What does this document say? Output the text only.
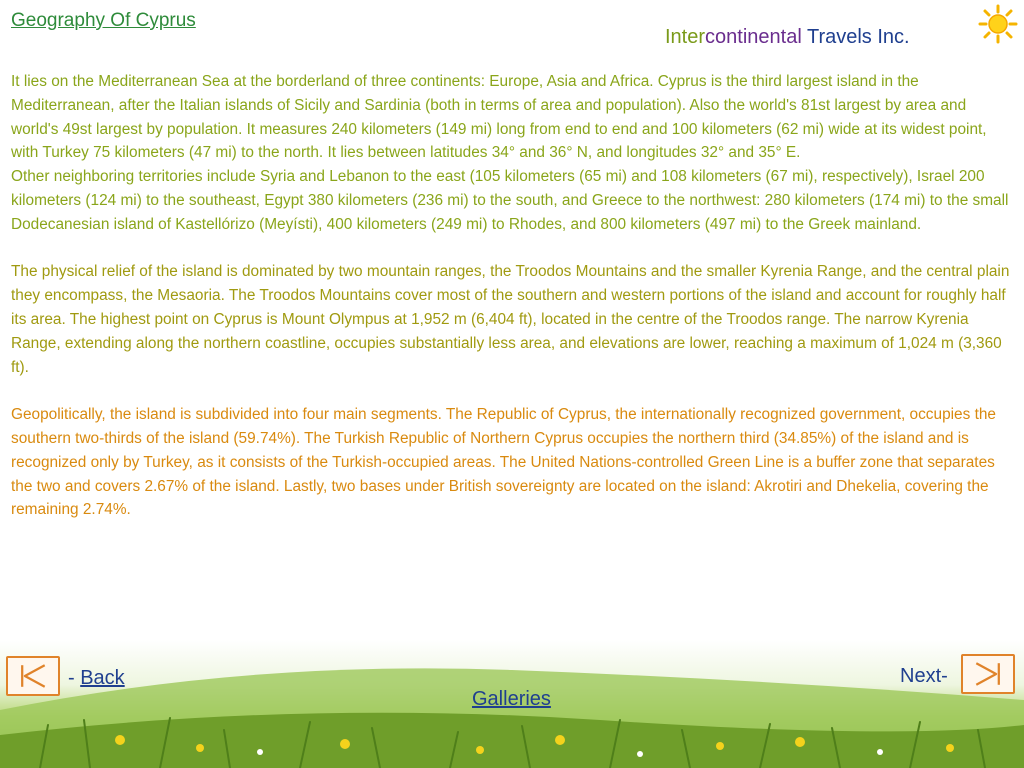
Geography Of Cyprus
Intercontinental Travels Inc.

It lies on the Mediterranean Sea at the borderland of three continents: Europe, Asia and Africa. Cyprus is the third largest island in the Mediterranean, after the Italian islands of Sicily and Sardinia (both in terms of area and population). Also the world's 81st largest by area and world's 49st largest by population. It measures 240 kilometers (149 mi) long from end to end and 100 kilometers (62 mi) wide at its widest point, with Turkey 75 kilometers (47 mi) to the north. It lies between latitudes 34° and 36° N, and longitudes 32° and 35° E.

Other neighboring territories include Syria and Lebanon to the east (105 kilometers (65 mi) and 108 kilometers (67 mi), respectively), Israel 200 kilometers (124 mi) to the southeast, Egypt 380 kilometers (236 mi) to the south, and Greece to the northwest: 280 kilometers (174 mi) to the small Dodecanesian island of Kastellórizo (Meyísti), 400 kilometers (249 mi) to Rhodes, and 800 kilometers (497 mi) to the Greek mainland.

The physical relief of the island is dominated by two mountain ranges, the Troodos Mountains and the smaller Kyrenia Range, and the central plain they encompass, the Mesaoria. The Troodos Mountains cover most of the southern and western portions of the island and account for roughly half its area. The highest point on Cyprus is Mount Olympus at 1,952 m (6,404 ft), located in the centre of the Troodos range. The narrow Kyrenia Range, extending along the northern coastline, occupies substantially less area, and elevations are lower, reaching a maximum of 1,024 m (3,360 ft).

Geopolitically, the island is subdivided into four main segments. The Republic of Cyprus, the internationally recognized government, occupies the southern two-thirds of the island (59.74%). The Turkish Republic of Northern Cyprus occupies the northern third (34.85%) of the island and is recognized only by Turkey, as it consists of the Turkish-occupied areas. The United Nations-controlled Green Line is a buffer zone that separates the two and covers 2.67% of the island. Lastly, two bases under British sovereignty are located on the island: Akrotiri and Dhekelia, covering the remaining 2.74%.

- Back	Next-
Galleries
